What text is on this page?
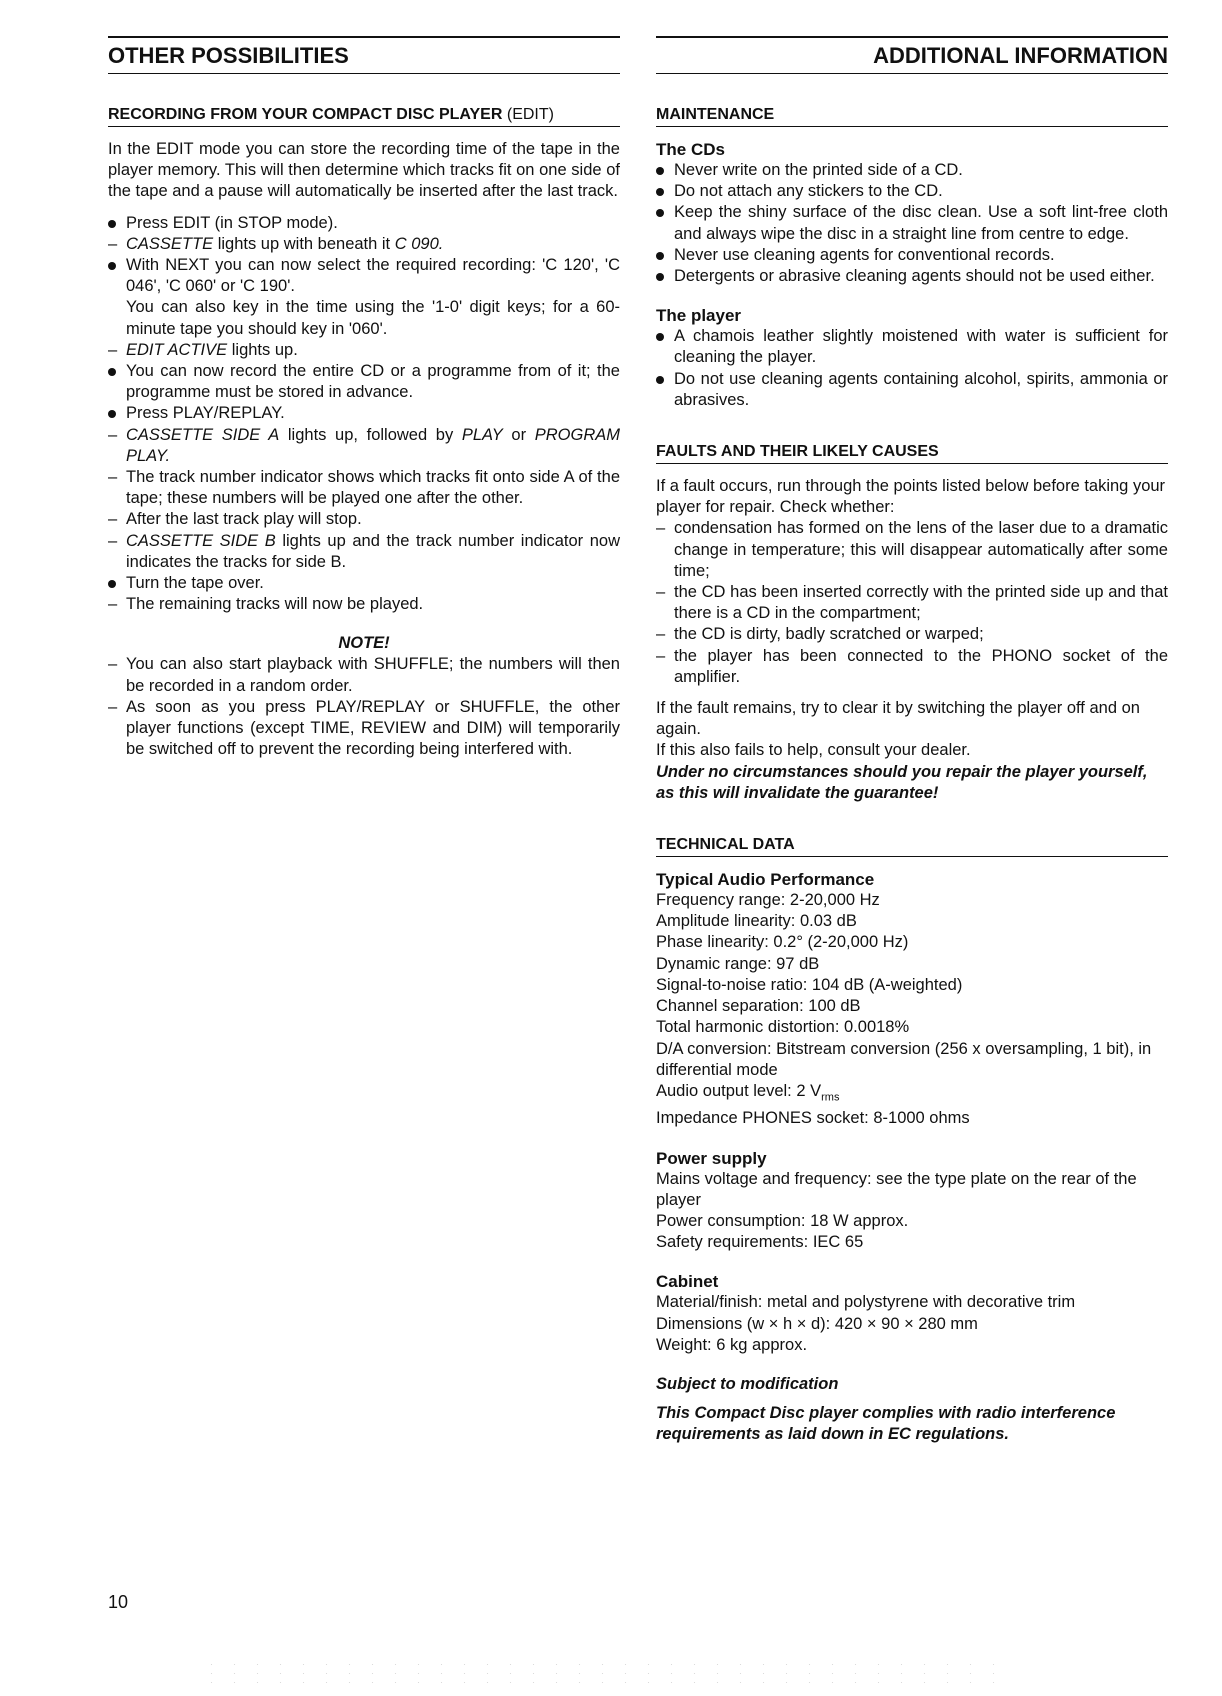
OTHER POSSIBILITIES
RECORDING FROM YOUR COMPACT DISC PLAYER (EDIT)

In the EDIT mode you can store the recording time of the tape in the player memory. This will then determine which tracks fit on one side of the tape and a pause will automatically be inserted after the last track.

Press EDIT (in STOP mode).
– CASSETTE lights up with beneath it C 090.
With NEXT you can now select the required recording: 'C 120', 'C 046', 'C 060' or 'C 190'.
You can also key in the time using the '1-0' digit keys; for a 60-minute tape you should key in '060'.
– EDIT ACTIVE lights up.
You can now record the entire CD or a programme from of it; the programme must be stored in advance.
Press PLAY/REPLAY.
– CASSETTE SIDE A lights up, followed by PLAY or PROGRAM PLAY.
– The track number indicator shows which tracks fit onto side A of the tape; these numbers will be played one after the other.
– After the last track play will stop.
– CASSETTE SIDE B lights up and the track number indicator now indicates the tracks for side B.
Turn the tape over.
– The remaining tracks will now be played.
NOTE!
– You can also start playback with SHUFFLE; the numbers will then be recorded in a random order.
– As soon as you press PLAY/REPLAY or SHUFFLE, the other player functions (except TIME, REVIEW and DIM) will temporarily be switched off to prevent the recording being interfered with.
ADDITIONAL INFORMATION
MAINTENANCE
The CDs
Never write on the printed side of a CD.
Do not attach any stickers to the CD.
Keep the shiny surface of the disc clean. Use a soft lint-free cloth and always wipe the disc in a straight line from centre to edge.
Never use cleaning agents for conventional records.
Detergents or abrasive cleaning agents should not be used either.
The player
A chamois leather slightly moistened with water is sufficient for cleaning the player.
Do not use cleaning agents containing alcohol, spirits, ammonia or abrasives.
FAULTS AND THEIR LIKELY CAUSES

If a fault occurs, run through the points listed below before taking your player for repair. Check whether:

– condensation has formed on the lens of the laser due to a dramatic change in temperature; this will disappear automatically after some time;
– the CD has been inserted correctly with the printed side up and that there is a CD in the compartment;
– the CD is dirty, badly scratched or warped;
– the player has been connected to the PHONO socket of the amplifier.

If the fault remains, try to clear it by switching the player off and on again.

If this also fails to help, consult your dealer.

Under no circumstances should you repair the player yourself, as this will invalidate the guarantee!

TECHNICAL DATA
Typical Audio Performance

Frequency range: 2-20,000 Hz

Amplitude linearity: 0.03 dB

Phase linearity: 0.2° (2-20,000 Hz)

Dynamic range: 97 dB

Signal-to-noise ratio: 104 dB (A-weighted)

Channel separation: 100 dB

Total harmonic distortion: 0.0018%

D/A conversion: Bitstream conversion (256 x oversampling, 1 bit), in differential mode

Audio output level: 2 $V_{rms}$

Impedance PHONES socket: 8-1000 ohms

Power supply

Mains voltage and frequency: see the type plate on the rear of the player

Power consumption: 18 W approx.

Safety requirements: IEC 65

Cabinet

Material/finish: metal and polystyrene with decorative trim

Dimensions (w × h × d): 420 × 90 × 280 mm

Weight: 6 kg approx.

Subject to modification

This Compact Disc player complies with radio interference requirements as laid down in EC regulations.

10
